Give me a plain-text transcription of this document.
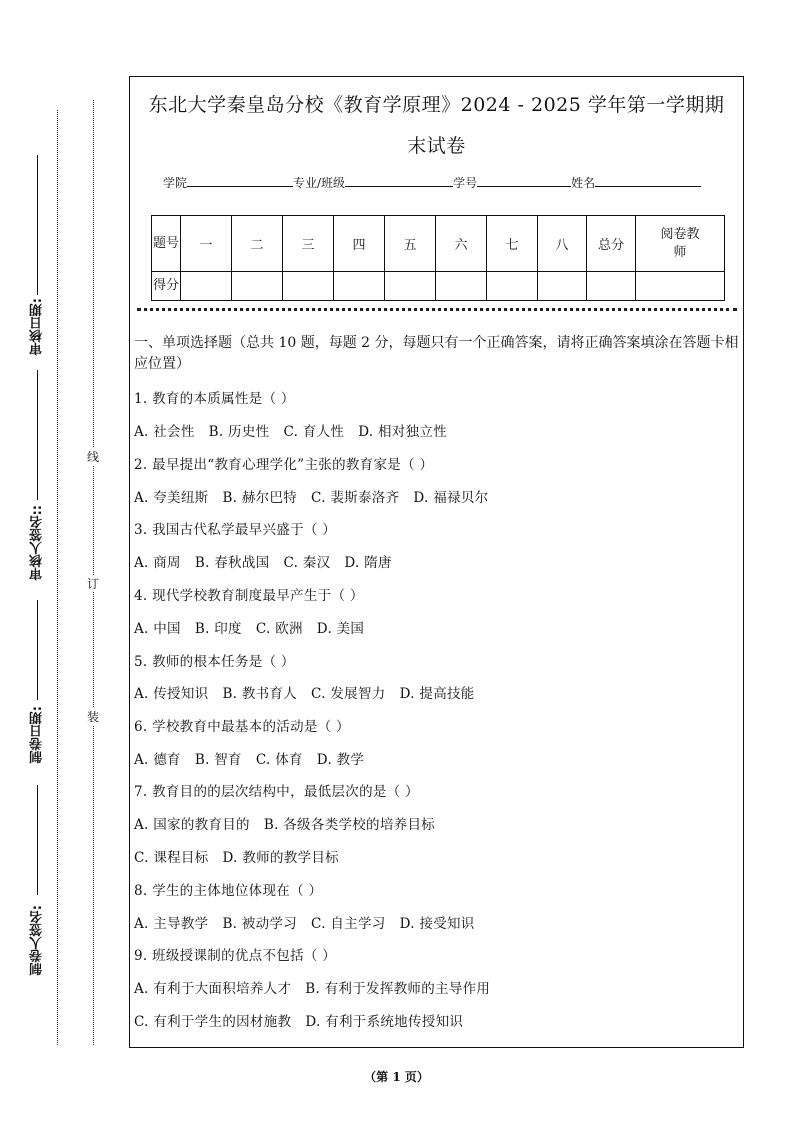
审核日期:
审核人签名::
制卷日期:
制卷人签名:
线
订
装
东北大学秦皇岛分校《教育学原理》2024 - 2025 学年第一学期期
末试卷
学院	专业/班级	学号	姓名
题号	一	二	三	四	五	六	七	八	总分	阅卷教师
得分										
一、单项选择题（总共 10 题，每题 2 分，每题只有一个正确答案，请将正确答案填涂在答题卡相应位置）
1. 教育的本质属性是（ ）
A. 社会性 B. 历史性 C. 育人性 D. 相对独立性
2. 最早提出“教育心理学化”主张的教育家是（ ）
A. 夸美纽斯 B. 赫尔巴特 C. 裴斯泰洛齐 D. 福禄贝尔
3. 我国古代私学最早兴盛于（ ）
A. 商周 B. 春秋战国 C. 秦汉 D. 隋唐
4. 现代学校教育制度最早产生于（ ）
A. 中国 B. 印度 C. 欧洲 D. 美国
5. 教师的根本任务是（ ）
A. 传授知识 B. 教书育人 C. 发展智力 D. 提高技能
6. 学校教育中最基本的活动是（ ）
A. 德育 B. 智育 C. 体育 D. 教学
7. 教育目的的层次结构中，最低层次的是（ ）
A. 国家的教育目的 B. 各级各类学校的培养目标
C. 课程目标 D. 教师的教学目标
8. 学生的主体地位体现在（ ）
A. 主导教学 B. 被动学习 C. 自主学习 D. 接受知识
9. 班级授课制的优点不包括（ ）
A. 有利于大面积培养人才 B. 有利于发挥教师的主导作用
C. 有利于学生的因材施教 D. 有利于系统地传授知识
（第 1 页）
